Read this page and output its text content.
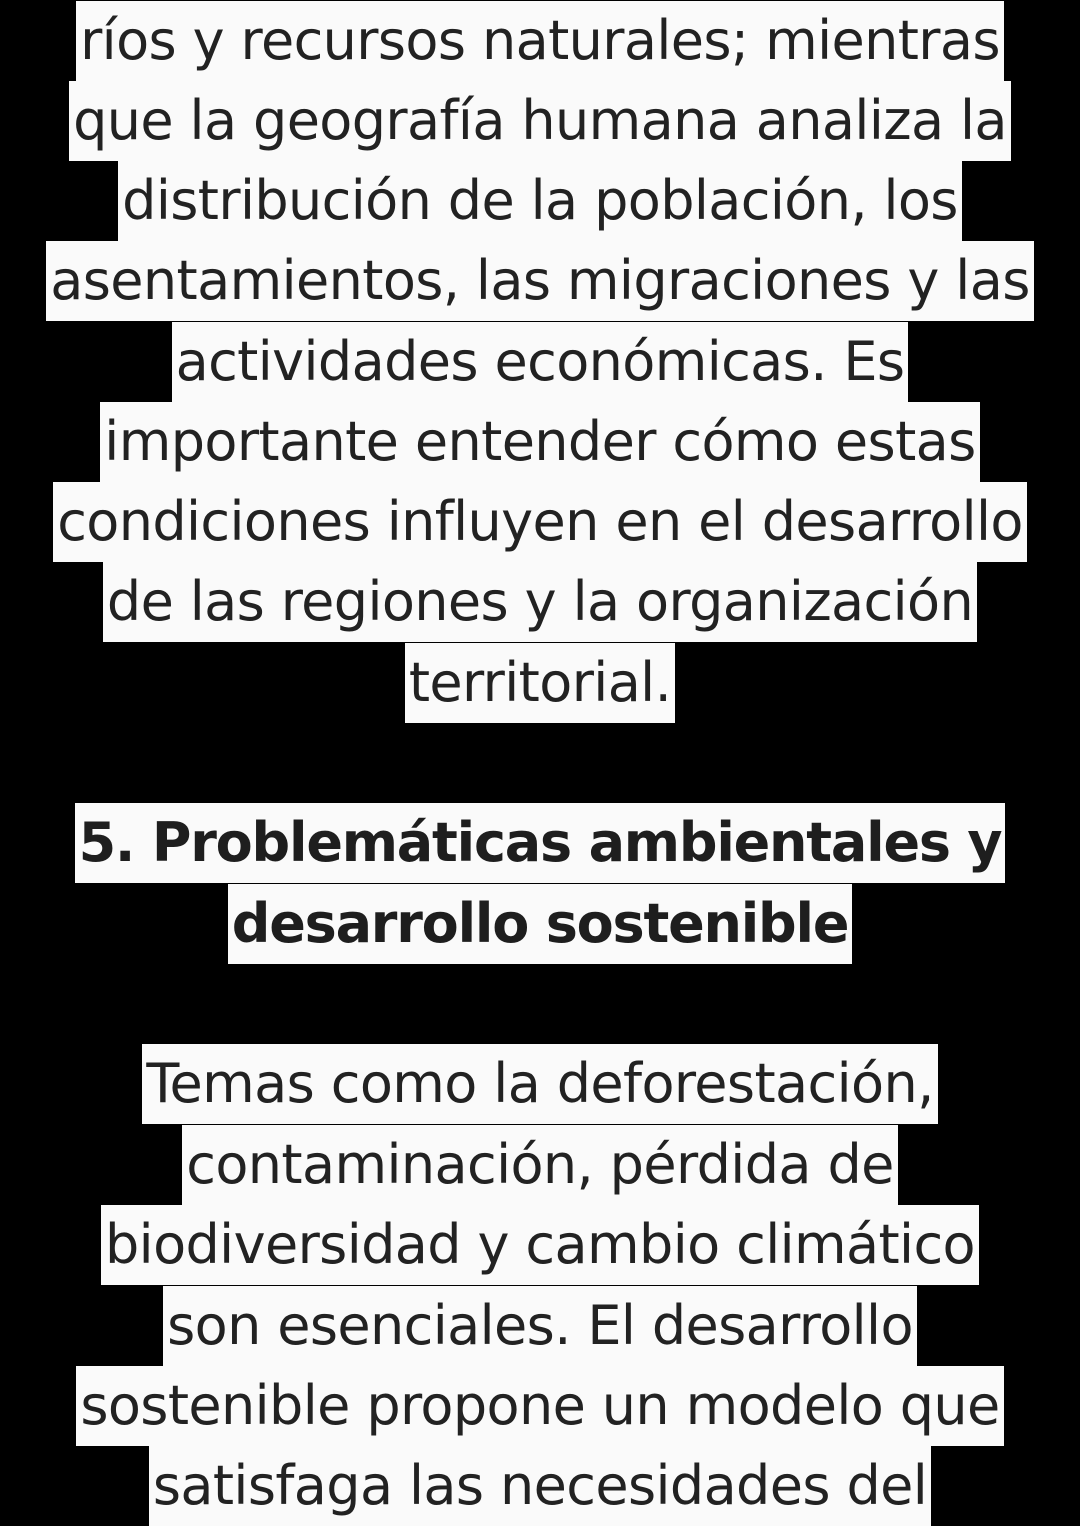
ríos y recursos naturales; mientras
que la geografía humana analiza la
distribución de la población, los
asentamientos, las migraciones y las
actividades económicas. Es
importante entender cómo estas
condiciones influyen en el desarrollo
de las regiones y la organización
territorial.
5. Problemáticas ambientales y
desarrollo sostenible
Temas como la deforestación,
contaminación, pérdida de
biodiversidad y cambio climático
son esenciales. El desarrollo
sostenible propone un modelo que
satisfaga las necesidades del
